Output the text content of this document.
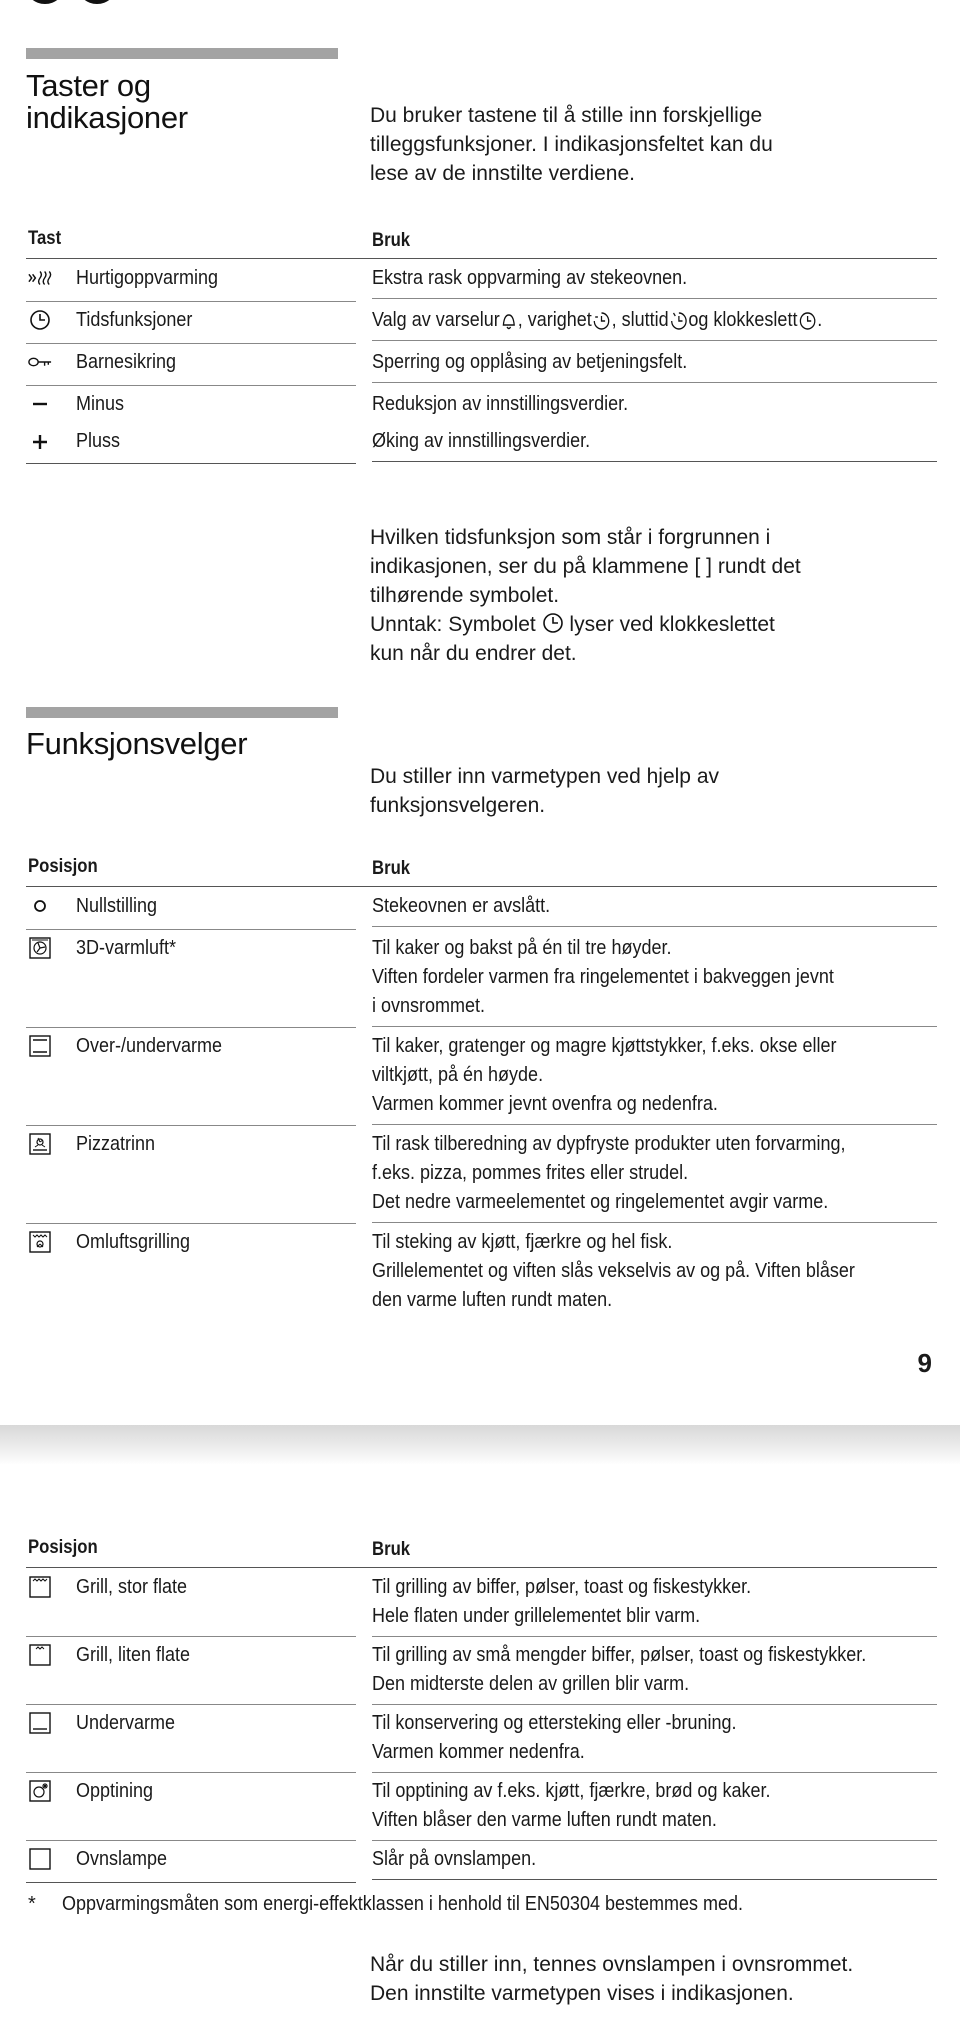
Taster og
indikasjoner	Du bruker tastene til å stille inn forskjellige
tilleggsfunksjoner. I indikasjonsfeltet kan du
lese av de innstilte verdiene.

Tast	Bruk
Hurtigoppvarming	Ekstra rask oppvarming av stekeovnen.
Tidsfunksjoner	Valg av varselur , varighet , sluttid og klokkeslett .
Barnesikring	Sperring og opplåsing av betjeningsfelt.
Minus	Reduksjon av innstillingsverdier.
Pluss	Øking av innstillingsverdier.

Hvilken tidsfunksjon som står i forgrunnen i
indikasjonen, ser du på klammene [ ] rundt det
tilhørende symbolet.
Unntak: Symbolet
lyser ved klokkeslettet
kun når du endrer det.

Funksjonsvelger

Du stiller inn varmetypen ved hjelp av
funksjonsvelgeren.

Posisjon	Bruk
Nullstilling	Stekeovnen er avslått.
3D-varmluft*	Til kaker og bakst på én til tre høyder.
Viften fordeler varmen fra ringelementet i bakveggen jevnt
i ovnsrommet.
Over-/undervarme	Til kaker, gratenger og magre kjøttstykker, f.eks. okse eller
viltkjøtt, på én høyde.
Varmen kommer jevnt ovenfra og nedenfra.
Pizzatrinn	Til rask tilberedning av dypfryste produkter uten forvarming,
f.eks. pizza, pommes frites eller strudel.
Det nedre varmeelementet og ringelementet avgir varme.
Omluftsgrilling	Til steking av kjøtt, fjærkre og hel fisk.
Grillelementet og viften slås vekselvis av og på. Viften blåser
den varme luften rundt maten.
9
Posisjon	Bruk
Grill, stor flate	Til grilling av biffer, pølser, toast og fiskestykker.
Hele flaten under grillelementet blir varm.
Grill, liten flate	Til grilling av små mengder biffer, pølser, toast og fiskestykker.
Den midterste delen av grillen blir varm.
Undervarme	Til konservering og ettersteking eller -bruning.
Varmen kommer nedenfra.
Opptining	Til opptining av f.eks. kjøtt, fjærkre, brød og kaker.
Viften blåser den varme luften rundt maten.
Ovnslampe	Slår på ovnslampen.
* Oppvarmingsmåten som energi-effektklassen i henhold til EN50304 bestemmes med.

Når du stiller inn, tennes ovnslampen i ovnsrommet.
Den innstilte varmetypen vises i indikasjonen.
